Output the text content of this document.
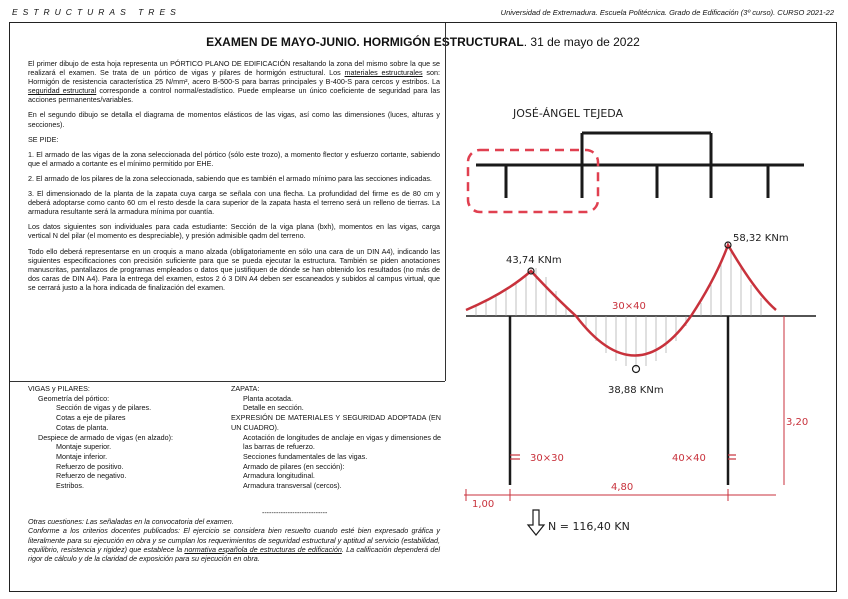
ESTRUCTURAS TRES	Universidad de Extremadura. Escuela Politécnica. Grado de Edificación (3º curso). CURSO 2021-22
EXAMEN DE MAYO-JUNIO. HORMIGÓN ESTRUCTURAL. 31 de mayo de 2022

El primer dibujo de esta hoja representa un PÓRTICO PLANO DE EDIFICACIÓN resaltando la zona del mismo sobre la que se realizará el examen. Se trata de un pórtico de vigas y pilares de hormigón estructural. Los materiales estructurales son: Hormigón de resistencia característica 25 N/mm², acero B-500-S para barras principales y B-400-S para cercos y estribos. La seguridad estructural corresponde a control normal/estadístico. Puede emplearse un único coeficiente de seguridad para las acciones permanentes/variables.

En el segundo dibujo se detalla el diagrama de momentos elásticos de las vigas, así como las dimensiones (luces, alturas y secciones).

SE PIDE:

1. El armado de las vigas de la zona seleccionada del pórtico (sólo este trozo), a momento flector y esfuerzo cortante, sabiendo que el armado a cortante es el mínimo permitido por EHE.

2. El armado de los pilares de la zona seleccionada, sabiendo que es también el armado mínimo para las secciones indicadas.

3. El dimensionado de la planta de la zapata cuya carga se señala con una flecha. La profundidad del firme es de 80 cm y deberá adoptarse como canto 60 cm el resto desde la cara superior de la zapata hasta el terreno será un relleno de tierras. La armadura resultante será la armadura mínima por cuantía.

Los datos siguientes son individuales para cada estudiante: Sección de la viga plana (bxh), momentos en las vigas, carga vertical N del pilar (el momento es despreciable), y presión admisible qadm del terreno.

Todo ello deberá representarse en un croquis a mano alzada (obligatoriamente en sólo una cara de un DIN A4), indicando las siguientes especificaciones con precisión suficiente para que se pueda ejecutar la estructura. También se piden anotaciones manuscritas, pantallazos de programas empleados o datos que justifiquen de dónde se han obtenido los resultados (no más de dos caras de DIN A4). Para la entrega del examen, estos 2 ó 3 DIN A4 deben ser escaneados y subidos al campus virtual, que se cerrará justo a la hora indicada de finalización del examen.

VIGAS y PILARES:
Geometría del pórtico:
Sección de vigas y de pilares.
Cotas a eje de pilares
Cotas de planta.
Despiece de armado de vigas (en alzado):
Montaje superior.
Montaje inferior.
Refuerzo de positivo.
Refuerzo de negativo.
Estribos.
ZAPATA:
Planta acotada.
Detalle en sección.
EXPRESIÓN DE MATERIALES Y SEGURIDAD ADOPTADA (EN UN CUADRO).
Acotación de longitudes de anclaje en vigas y dimensiones de las barras de refuerzo.
Secciones fundamentales de las vigas.
Armado de pilares (en sección):
Armadura longitudinal.
Armadura transversal (cercos).
----------------------------
Otras cuestiones: Las señaladas en la convocatoria del examen.
Conforme a los criterios docentes publicados: El ejercicio se considera bien resuelto cuando esté bien expresado gráfica y literalmente para su ejecución en obra y se cumplan los requerimientos de seguridad estructural y aptitud al servicio (estabilidad, equilibrio, resistencia y rigidez) que establece la normativa española de estructuras de edificación. La calificación dependerá del rigor de cálculo y de la claridad de exposición para su ejecución en obra.
JOSÉ-ÁNGEL TEJEDA
43,74 KNm
58,32 KNm
38,88 KNm
30×40
30×30	40×40
3,20
1,00
4,80
N = 116,40 KN
